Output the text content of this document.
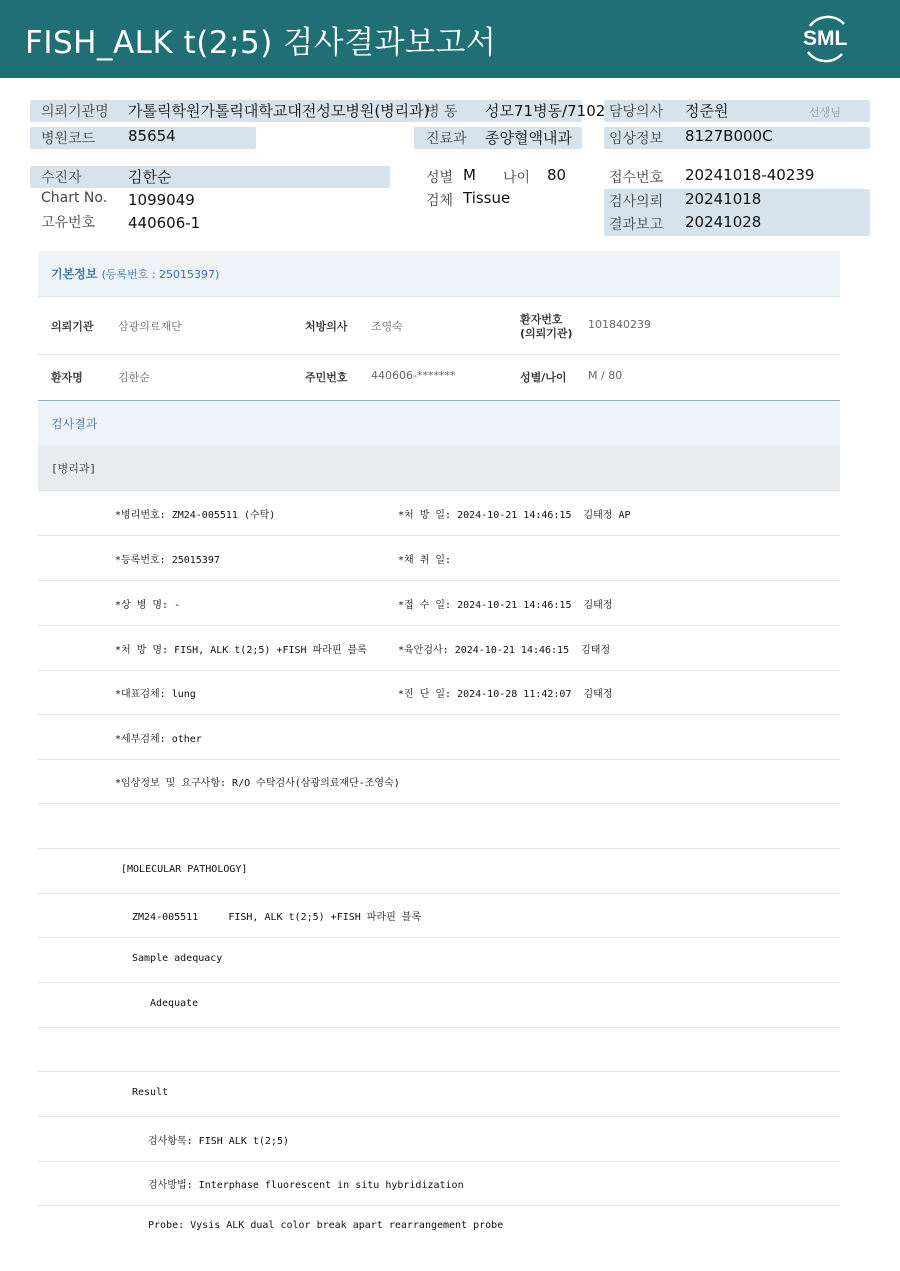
FISH_ALK t(2;5) 검사결과보고서	SML
의뢰기관명 가톨릭학원가톨릭대학교대전성모병원(병리과)
병 동 성모71병동/7102 담당의사 정준원	선생님
병원코드 85654	진료과 종양혈액내과	임상정보 8127B000C
수진자	김한순	성별 M 나이 80	접수번호 20241018-40239
Chart No. 1099049	검체 Tissue	검사의뢰 20241018
고유번호 440606-1	결과보고 20241028
기본정보 (등록번호 : 25015397)
의뢰기관 삼광의료재단	처방의사 조영숙
환자번호
(의뢰기관)
101840239
환자명	김한순	주민번호 440606-*******	성별/나이 M / 80
검사결과
[병리과]
*병리번호: ZM24-005511 (수탁)	*처 방 일: 2024-10-21 14:46:15  김태정 AP
*등록번호: 25015397	*채 취 일:
*상 병 명: -	*접 수 일: 2024-10-21 14:46:15  김태정
*처 방 명: FISH, ALK t(2;5) +FISH 파라핀 블록	*육안검사: 2024-10-21 14:46:15  김태정
*대표검체: lung	*진 단 일: 2024-10-28 11:42:07  김태정
*세부검체: other
*임상정보 및 요구사항: R/O 수탁검사(삼광의료재단-조영숙)
[MOLECULAR PATHOLOGY]
ZM24-005511     FISH, ALK t(2;5) +FISH 파라핀 블록
Sample adequacy
Adequate
Result
검사항목: FISH ALK t(2;5)
검사방법: Interphase fluorescent in situ hybridization
Probe: Vysis ALK dual color break apart rearrangement probe
